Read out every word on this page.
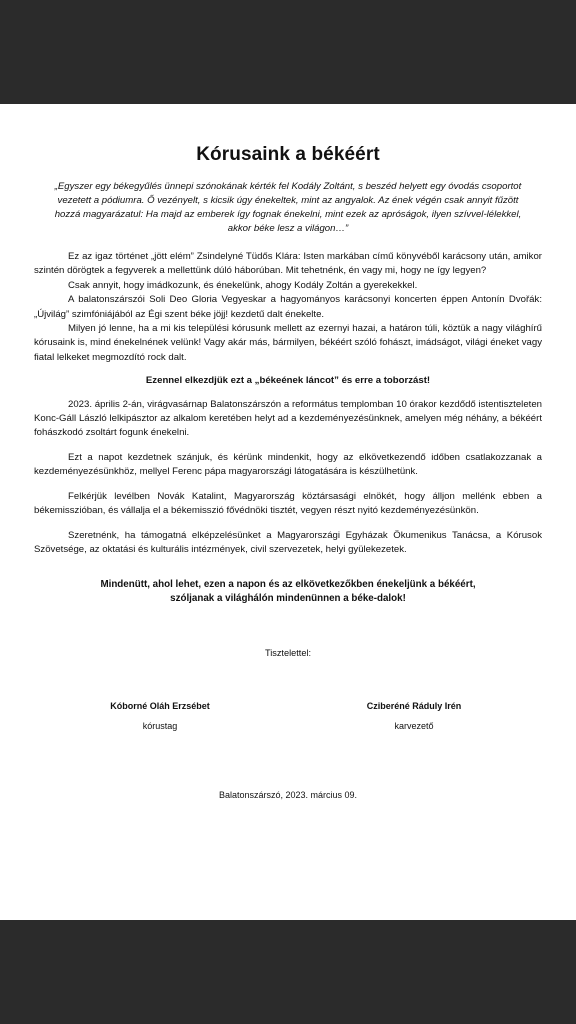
Kórusaink a békéért
„Egyszer egy békegyűlés ünnepi szónokának kérték fel Kodály Zoltánt, s beszéd helyett egy óvodás csoportot vezetett a pódiumra. Ő vezényelt, s kicsik úgy énekeltek, mint az angyalok. Az ének végén csak annyit fűzött hozzá magyarázatul: Ha majd az emberek így fognak énekelni, mint ezek az apróságok, ilyen szívvel-lélekkel, akkor béke lesz a világon…”

Ez az igaz történet „jött elém” Zsindelyné Tüdős Klára: Isten markában című könyvéből karácsony után, amikor szintén dörögtek a fegyverek a mellettünk dúló háborúban. Mit tehetnénk, én vagy mi, hogy ne így legyen?

Csak annyit, hogy imádkozunk, és énekelünk, ahogy Kodály Zoltán a gyerekekkel.

A balatonszárszói Soli Deo Gloria Vegyeskar a hagyományos karácsonyi koncerten éppen Antonín Dvořák: „Újvilág” szimfóniájából az Égi szent béke jöjj! kezdetű dalt énekelte.

Milyen jó lenne, ha a mi kis települési kórusunk mellett az ezernyi hazai, a határon túli, köztük a nagy világhírű kórusaink is, mind énekelnének velünk! Vagy akár más, bármilyen, békéért szóló fohászt, imádságot, világi éneket vagy fiatal lelkeket megmozdító rock dalt.

Ezennel elkezdjük ezt a „békeének láncot” és erre a toborzást!

2023. április 2-án, virágvasárnap Balatonszárszón a református templomban 10 órakor kezdődő istentiszteleten Konc-Gáll László lelkipásztor az alkalom keretében helyt ad a kezdeményezésünknek, amelyen még néhány, a békéért fohászkodó zsoltárt fogunk énekelni.

Ezt a napot kezdetnek szánjuk, és kérünk mindenkit, hogy az elkövetkezendő időben csatlakozzanak a kezdeményezésünkhöz, mellyel Ferenc pápa magyarországi látogatására is készülhetünk.

Felkérjük levélben Novák Katalint, Magyarország köztársasági elnökét, hogy álljon mellénk ebben a békemisszióban, és vállalja el a békemisszió fővédnöki tisztét, vegyen részt nyitó kezdeményezésünkön.

Szeretnénk, ha támogatná elképzelésünket a Magyarországi Egyházak Ökumenikus Tanácsa, a Kórusok Szövetsége, az oktatási és kulturális intézmények, civil szervezetek, helyi gyülekezetek.

Mindenütt, ahol lehet, ezen a napon és az elkövetkezőkben énekeljünk a békéért,
szóljanak a világhálón mindenünnen a béke-dalok!
Tisztelettel:
Kóborné Oláh Erzsébet
kórustag
Cziberéné Ráduly Irén
karvezető
Balatonszárszó, 2023. március 09.
